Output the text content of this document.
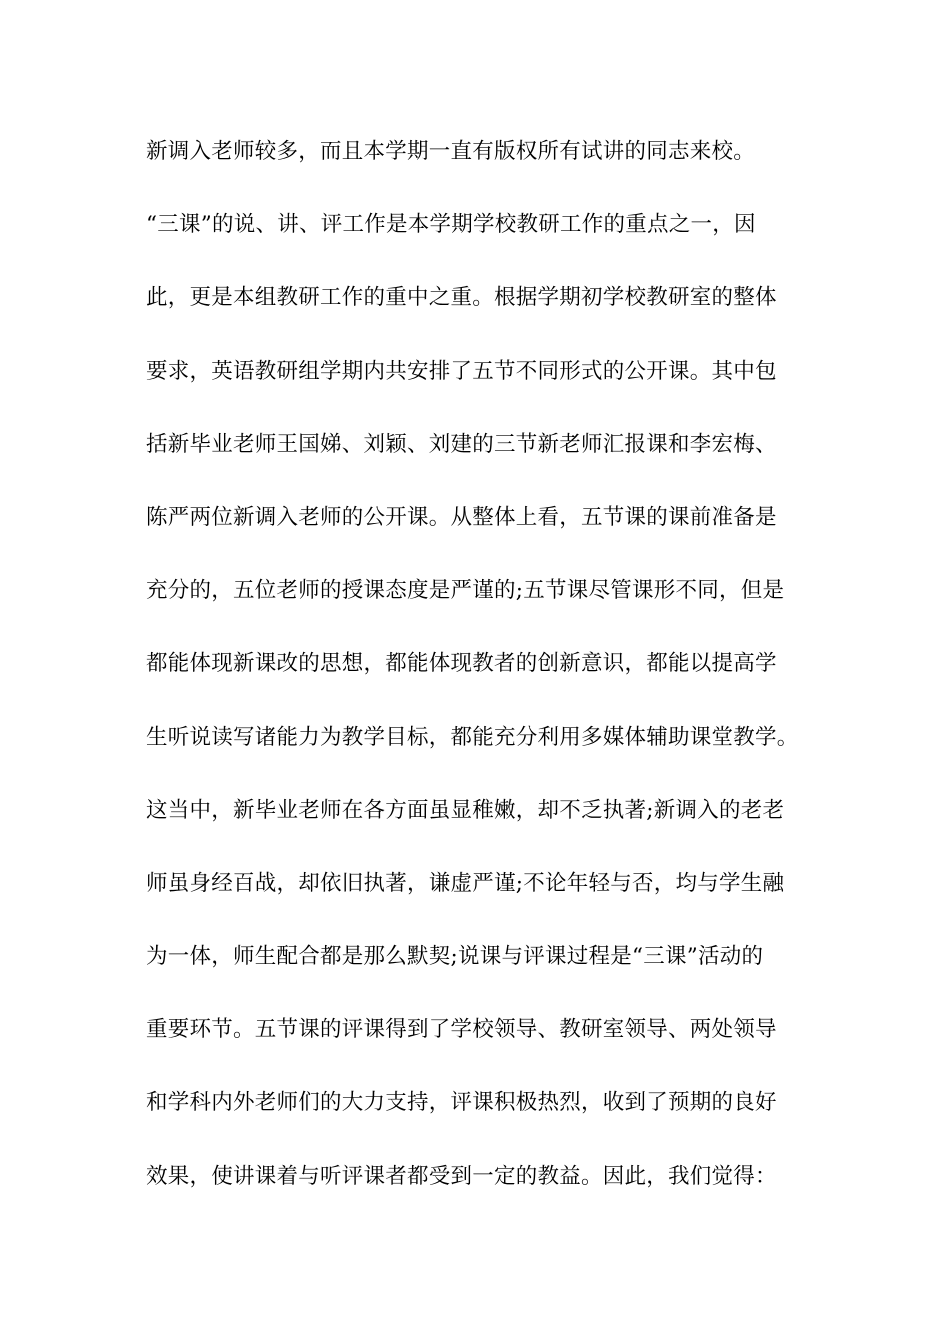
新调入老师较多，而且本学期一直有版权所有试讲的同志来校。
“三课”的说、讲、评工作是本学期学校教研工作的重点之一，因
此，更是本组教研工作的重中之重。根据学期初学校教研室的整体
要求，英语教研组学期内共安排了五节不同形式的公开课。其中包
括新毕业老师王国娣、刘颖、刘建的三节新老师汇报课和李宏梅、
陈严两位新调入老师的公开课。从整体上看，五节课的课前准备是
充分的，五位老师的授课态度是严谨的;五节课尽管课形不同，但是
都能体现新课改的思想，都能体现教者的创新意识，都能以提高学
生听说读写诸能力为教学目标，都能充分利用多媒体辅助课堂教学。
这当中，新毕业老师在各方面虽显稚嫩，却不乏执著;新调入的老老
师虽身经百战，却依旧执著，谦虚严谨;不论年轻与否，均与学生融
为一体，师生配合都是那么默契;说课与评课过程是“三课”活动的
重要环节。五节课的评课得到了学校领导、教研室领导、两处领导
和学科内外老师们的大力支持，评课积极热烈，收到了预期的良好
效果，使讲课着与听评课者都受到一定的教益。因此，我们觉得：
